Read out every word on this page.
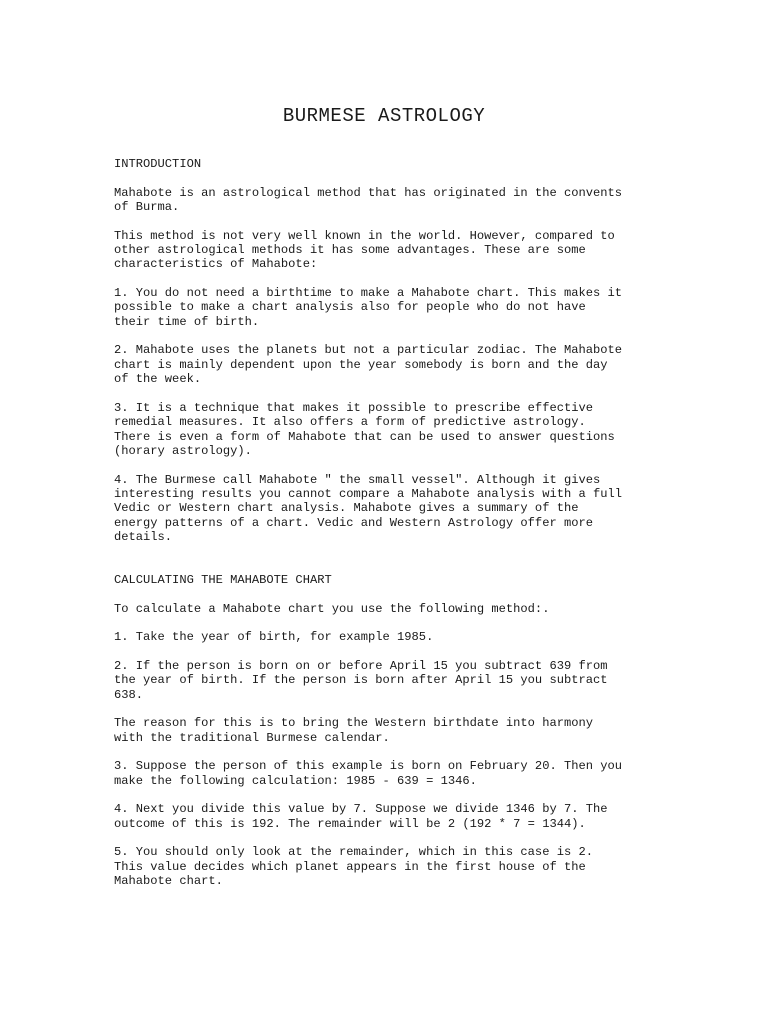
BURMESE ASTROLOGY
INTRODUCTION

Mahabote is an astrological method that has originated in the convents
of Burma.

This method is not very well known in the world. However, compared to
other astrological methods it has some advantages. These are some
characteristics of Mahabote:

1. You do not need a birthtime to make a Mahabote chart. This makes it
possible to make a chart analysis also for people who do not have
their time of birth.

2. Mahabote uses the planets but not a particular zodiac. The Mahabote
chart is mainly dependent upon the year somebody is born and the day
of the week.

3. It is a technique that makes it possible to prescribe effective
remedial measures. It also offers a form of predictive astrology.
There is even a form of Mahabote that can be used to answer questions
(horary astrology).

4. The Burmese call Mahabote " the small vessel". Although it gives
interesting results you cannot compare a Mahabote analysis with a full
Vedic or Western chart analysis. Mahabote gives a summary of the
energy patterns of a chart. Vedic and Western Astrology offer more
details.

CALCULATING THE MAHABOTE CHART

To calculate a Mahabote chart you use the following method:.

1. Take the year of birth, for example 1985.

2. If the person is born on or before April 15 you subtract 639 from
the year of birth. If the person is born after April 15 you subtract
638.

The reason for this is to bring the Western birthdate into harmony
with the traditional Burmese calendar.

3. Suppose the person of this example is born on February 20. Then you
make the following calculation: 1985 - 639 = 1346.

4. Next you divide this value by 7. Suppose we divide 1346 by 7. The
outcome of this is 192. The remainder will be 2 (192 * 7 = 1344).

5. You should only look at the remainder, which in this case is 2.
This value decides which planet appears in the first house of the
Mahabote chart.
